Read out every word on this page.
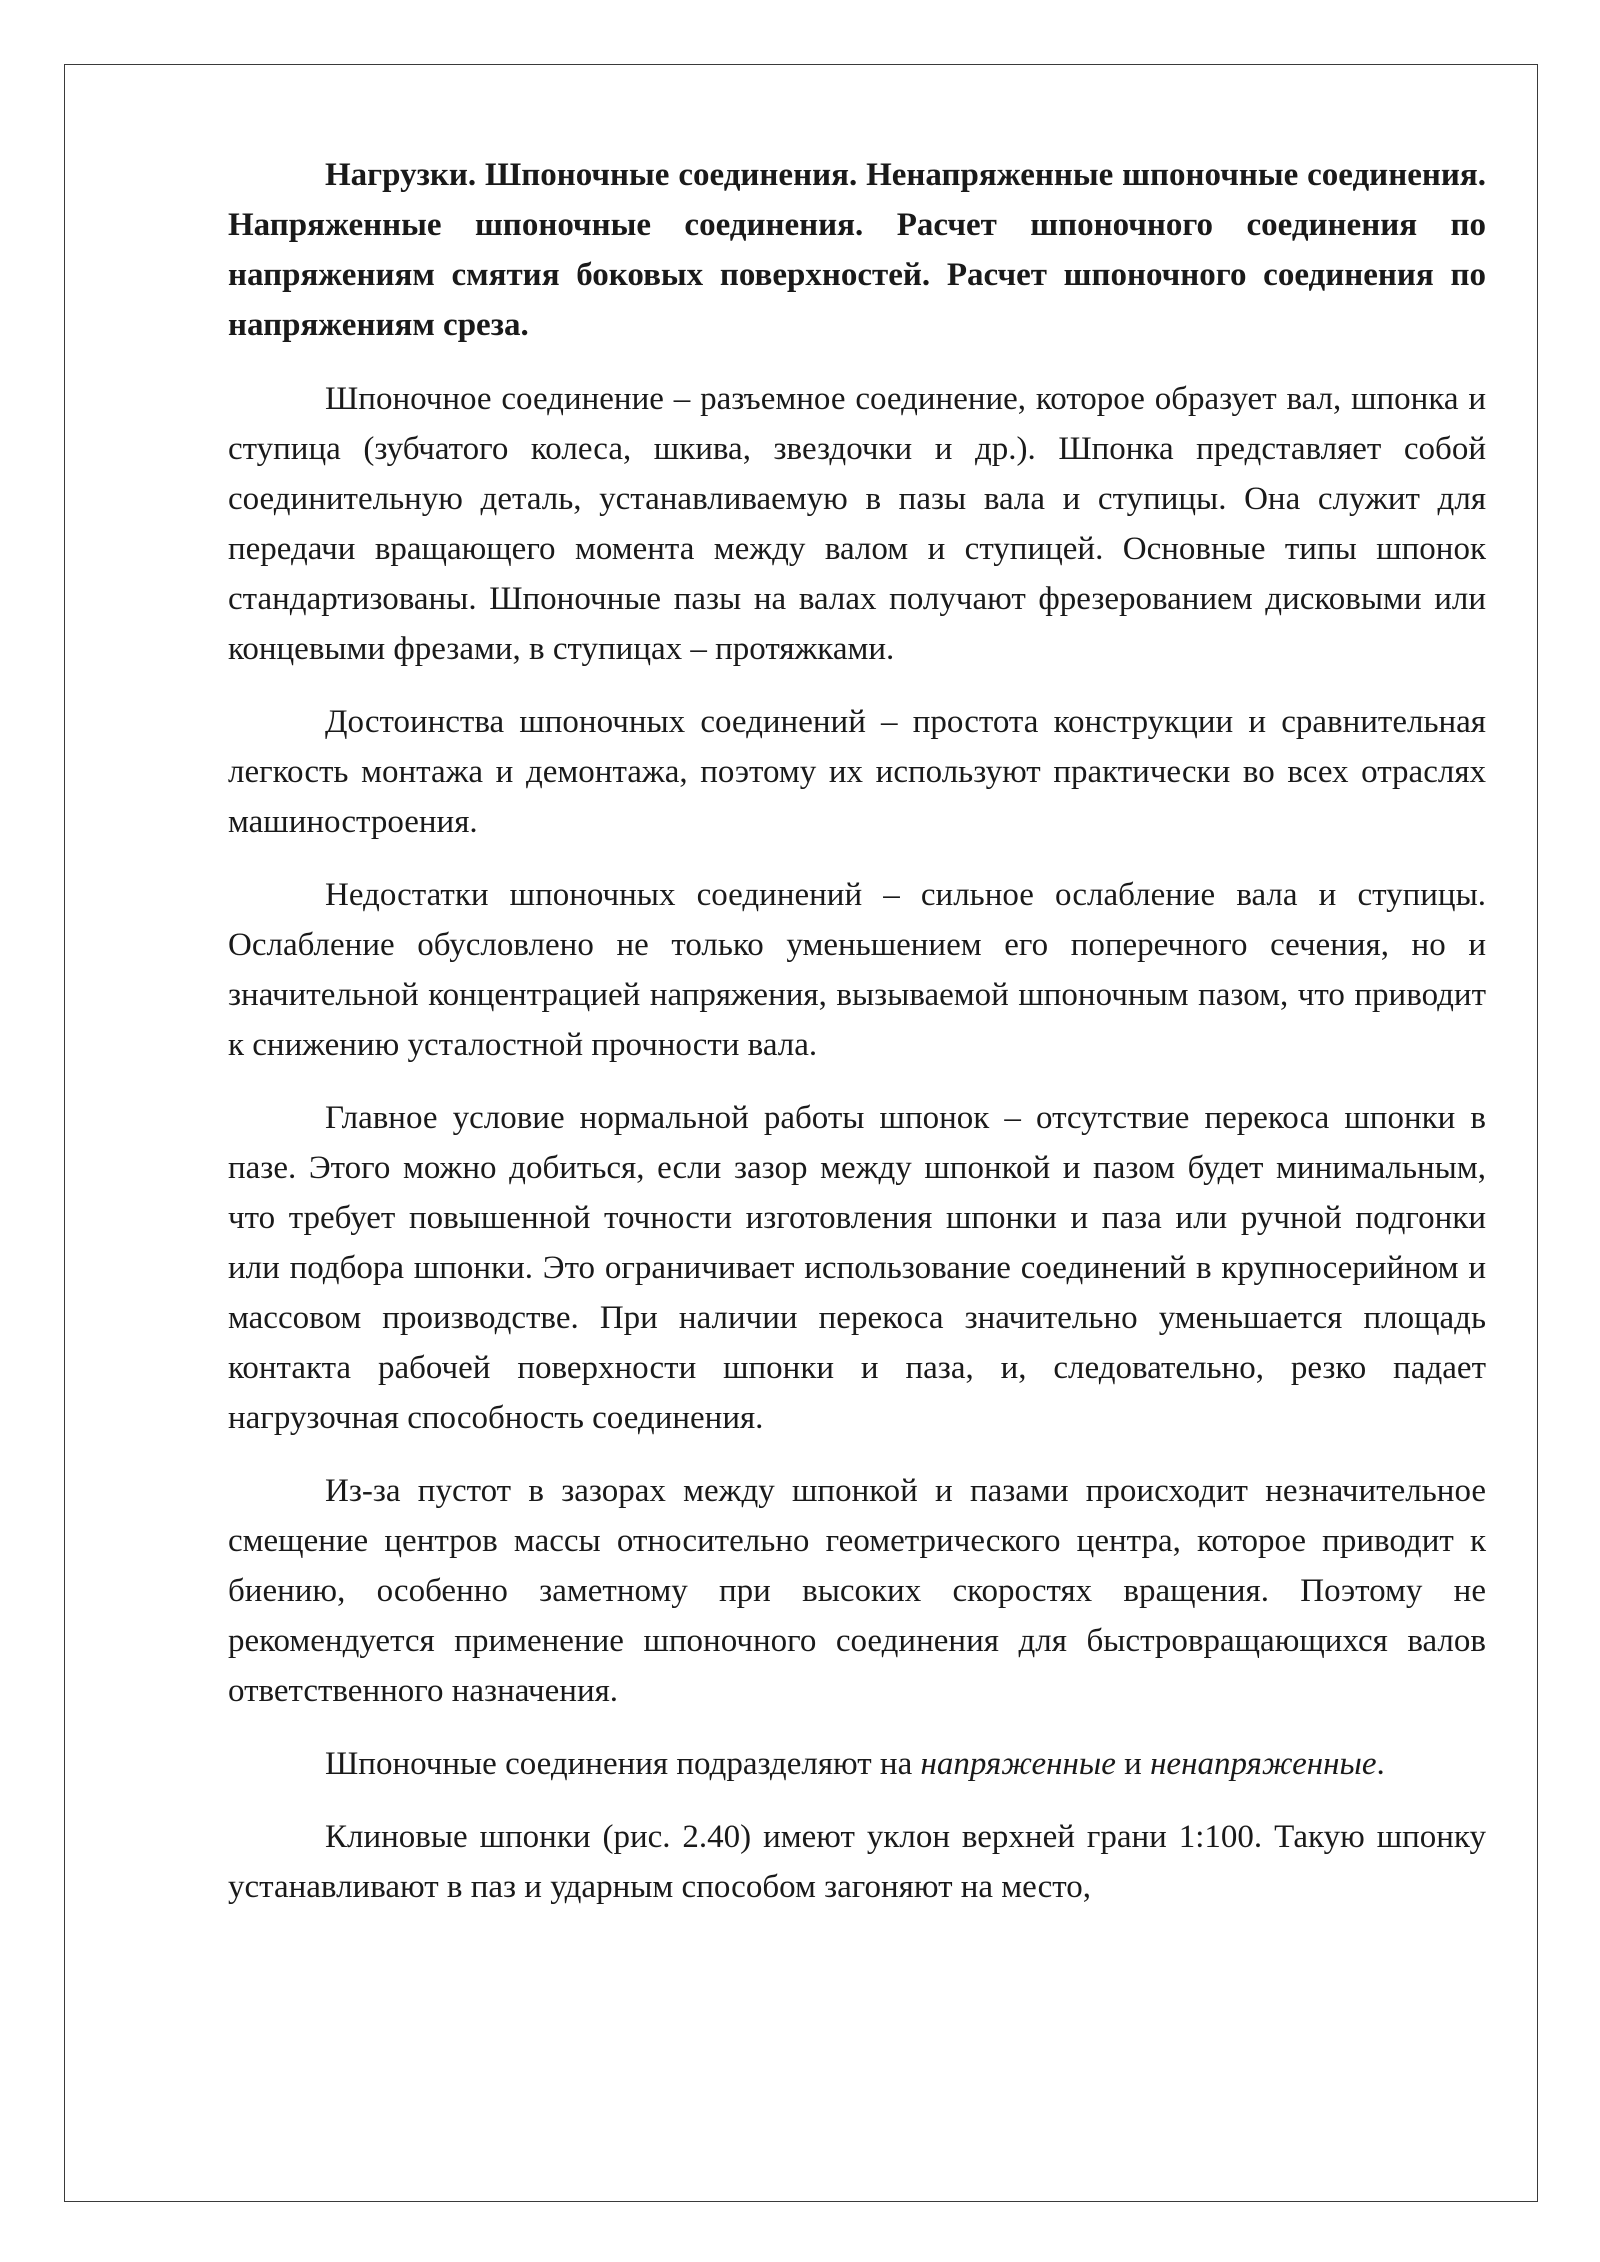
Нагрузки. Шпоночные соединения. Ненапряженные шпоночные соединения. Напряженные шпоночные соединения. Расчет шпоночного соединения по напряжениям смятия боковых поверхностей. Расчет шпоночного соединения по напряжениям среза.

Шпоночное соединение – разъемное соединение, которое образует вал, шпонка и ступица (зубчатого колеса, шкива, звездочки и др.). Шпонка представляет собой соединительную деталь, устанавливаемую в пазы вала и ступицы. Она служит для передачи вращающего момента между валом и ступицей. Основные типы шпонок стандартизованы. Шпоночные пазы на валах получают фрезерованием дисковыми или концевыми фрезами, в ступицах – протяжками.

Достоинства шпоночных соединений – простота конструкции и сравнительная легкость монтажа и демонтажа, поэтому их используют практически во всех отраслях машиностроения.

Недостатки шпоночных соединений – сильное ослабление вала и ступицы. Ослабление обусловлено не только уменьшением его поперечного сечения, но и значительной концентрацией напряжения, вызываемой шпоночным пазом, что приводит к снижению усталостной прочности вала.

Главное условие нормальной работы шпонок – отсутствие перекоса шпонки в пазе. Этого можно добиться, если зазор между шпонкой и пазом будет минимальным, что требует повышенной точности изготовления шпонки и паза или ручной подгонки или подбора шпонки. Это ограничивает использование соединений в крупносерийном и массовом производстве. При наличии перекоса значительно уменьшается площадь контакта рабочей поверхности шпонки и паза, и, следовательно, резко падает нагрузочная способность соединения.

Из-за пустот в зазорах между шпонкой и пазами происходит незначительное смещение центров массы относительно геометрического центра, которое приводит к биению, особенно заметному при высоких скоростях вращения. Поэтому не рекомендуется применение шпоночного соединения для быстровращающихся валов ответственного назначения.

Шпоночные соединения подразделяют на напряженные и ненапряженные.

Клиновые шпонки (рис. 2.40) имеют уклон верхней грани 1:100. Такую шпонку устанавливают в паз и ударным способом загоняют на место,
